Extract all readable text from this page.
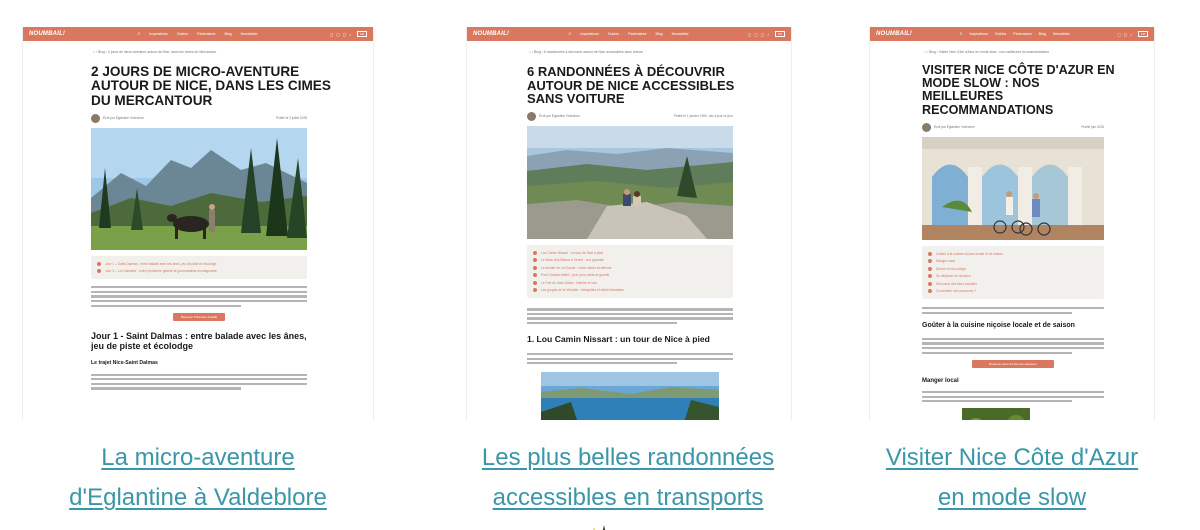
NOUMBAIL!	⌕	Inspirations	Guides	Partenaires	Blog	Newsletter	◻ ◻ ◻ ♪	FR
⌂ › Blog › 2 jours de micro-aventure autour de Nice, dans les cimes du Mercantour
2 JOURS DE MICRO-AVENTURE AUTOUR DE NICE, DANS LES CIMES DU MERCANTOUR
Écrit par Églantine Vivieonne	Publié le 2 juillet 2025
Jour 1 – Saint-Dalmas : entre balade avec les ânes, jeu de piste et écolodge
Jour 2 – La Colmiane : entre tyrolienne géante et gourmandise montagnarde
Réserver l'itinéraire détaillé
Jour 1 - Saint Dalmas : entre balade avec les ânes, jeu de piste et écolodge
Le trajet Nice-Saint Dalmas
NOUMBAIL!	⌕	Inspirations	Guides	Partenaires	Blog	Newsletter	◻ ◻ ◻ ♪	FR
⌂ › Blog › 6 randonnées à découvrir autour de Nice accessibles sans voiture
6 RANDONNÉES À DÉCOUVRIR AUTOUR DE NICE ACCESSIBLES SANS VOITURE
Écrit par Églantine Vivieonne	Publié le 1 janvier 1900, mis à jour ce jour
Lou Camin Nissart : un tour de Nice à pied
Le Baou des Blancs à Vence : vue garantie
Le sentier de La Gaude : entre nature et détente
Pont Charles Albert : jeux pour petits et grands
Le Fort du Mont Alban : histoire et vue
Les gorges de la Vésubie : tranquilles et rafraîchissantes
1. Lou Camin Nissart : un tour de Nice à pied
NOUMBAIL!	⌕ Inspirations Guides Partenaires Blog Newsletter	◻ ◻ ♪	FR
⌂ › Blog › Visiter Nice Côte d'Azur en mode slow : nos meilleures recommandations
VISITER NICE CÔTE D'AZUR EN MODE SLOW : NOS MEILLEURES RECOMMANDATIONS
Écrit par Églantine Vivieonne	Publié juin 2025
Goûter à la cuisine niçoise locale et de saison
Manger local
Dormir en éco-lodge
Se déplacer en douceur
Découvrir des lieux insolites
Où acheter ses souvenirs ?
Goûter à la cuisine niçoise locale et de saison
Réserver avec les bonnes adresses
Manger local
La micro-aventure
d'Eglantine à Valdeblore
Les plus belles randonnées
accessibles en transports
Visiter Nice Côte d'Azur
en mode slow
